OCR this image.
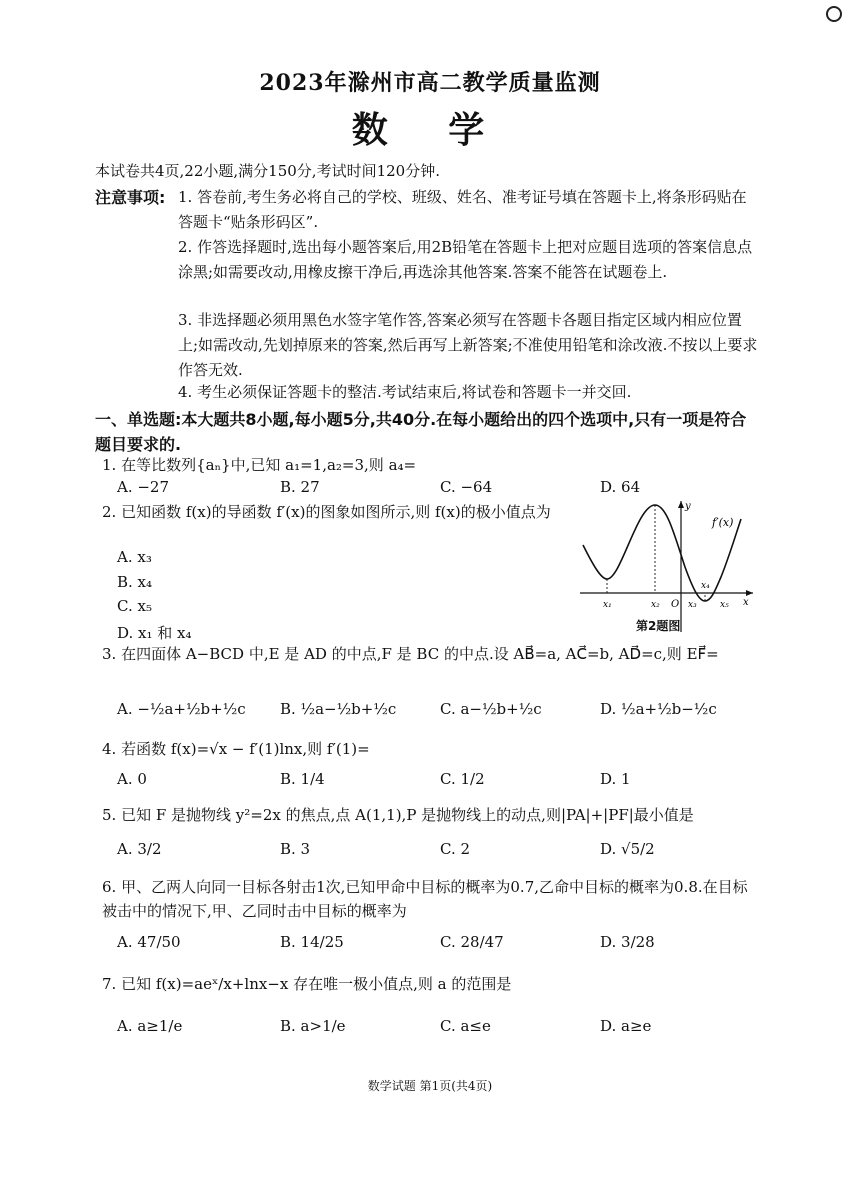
2023年滁州市高二教学质量监测
数 学
本试卷共4页,22小题,满分150分,考试时间120分钟.
注意事项: 1. 答卷前,考生务必将自己的学校、班级、姓名、准考证号填在答题卡上,将条形码贴在答题卡“贴条形码区”.
2. 作答选择题时,选出每小题答案后,用2B铅笔在答题卡上把对应题目选项的答案信息点涂黑;如需要改动,用橡皮擦干净后,再选涂其他答案.答案不能答在试题卷上.
3. 非选择题必须用黑色水签字笔作答,答案必须写在答题卡各题目指定区域内相应位置上;如需改动,先划掉原来的答案,然后再写上新答案;不准使用铅笔和涂改液.不按以上要求作答无效.
4. 考生必须保证答题卡的整洁.考试结束后,将试卷和答题卡一并交回.
一、单选题:本大题共8小题,每小题5分,共40分.在每小题给出的四个选项中,只有一项是符合题目要求的.
1. 在等比数列{aₙ}中,已知 a₁=1,a₂=3,则 a₄=
A. −27	B. 27	C. −64	D. 64
2. 已知函数 f(x)的导函数 f′(x)的图象如图所示,则 f(x)的极小值点为
A. x₃
B. x₄
C. x₅
D. x₁ 和 x₄
f′(x)
y
x
O
x₁	x₂	x₃
x₄
x₅
第2题图
3. 在四面体 A−BCD 中,E 是 AD 的中点,F 是 BC 的中点.设 AB⃗=a, AC⃗=b, AD⃗=c,则 EF⃗=
A. −½a+½b+½c B. ½a−½b+½c	C. a−½b+½c	D. ½a+½b−½c
4. 若函数 f(x)=√x − f′(1)lnx,则 f′(1)=
A. 0	B. 1/4	C. 1/2	D. 1
5. 已知 F 是抛物线 y²=2x 的焦点,点 A(1,1),P 是抛物线上的动点,则|PA|+|PF|最小值是
A. 3/2	B. 3	C. 2	D. √5/2
6. 甲、乙两人向同一目标各射击1次,已知甲命中目标的概率为0.7,乙命中目标的概率为0.8.在目标被击中的情况下,甲、乙同时击中目标的概率为
A. 47/50	B. 14/25	C. 28/47	D. 3/28
7. 已知 f(x)=aeˣ/x+lnx−x 存在唯一极小值点,则 a 的范围是
A. a≥1/e	B. a>1/e	C. a≤e	D. a≥e
数学试题 第1页(共4页)
